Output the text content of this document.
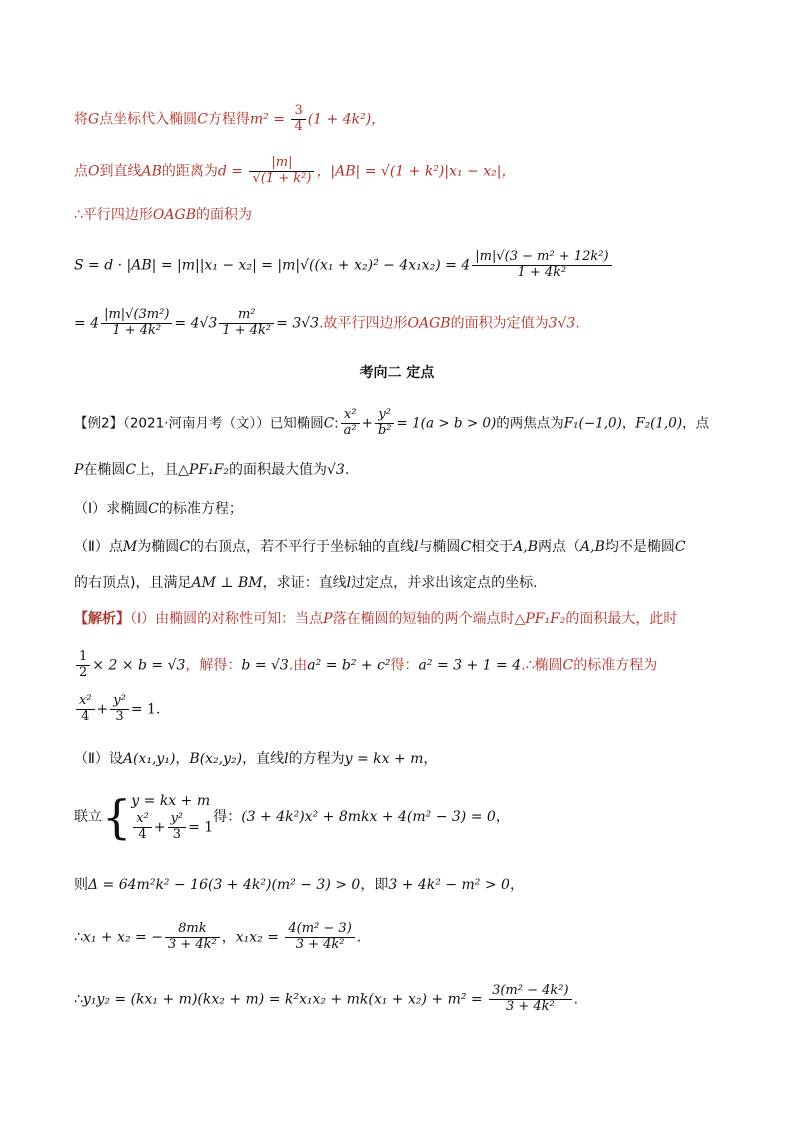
将G点坐标代入椭圆C方程得$m^2 = \frac{3}{4} (1 + 4k^2)$，
点O到直线AB的距离为$d = \frac{|m|}{\text{√(1 + k²)}}$ ，|AB| = √(1 + k²)|x₁ − x₂|，
∴平行四边形OAGB的面积为
$S = d \cdot |AB| = |m||x_1 - x_2| = |m|√((x_1 + x_2)^2 - 4x_1x_2) = 4 \frac{\text{|m|√(3 − m² + 12k²)}}{\text{1 + 4k²}}$
= $4 \frac{\text{|m|√(3m²)}}{\text{1 + 4k²}} = 4√3 \frac{\text{m²}}{\text{1 + 4k²}} = 3√3$.故平行四边形OAGB的面积为定值为3√3.
考向二 定点
【例2】（2021·河南月考（文））已知椭圆C: $\frac{\text{x²}}{\text{a²}} + \frac{\text{y²}}{\text{b²}} = 1(a > b > 0)$的两焦点为F₁(−1,0)，F₂(1,0)，点
P在椭圆C上，且△PF₁F₂的面积最大值为√3.
（Ⅰ）求椭圆C的标准方程；
（Ⅱ）点M为椭圆C的右顶点，若不平行于坐标轴的直线l与椭圆C相交于A,B两点（A,B均不是椭圆C
的右顶点)，且满足AM ⊥ BM，求证：直线l过定点，并求出该定点的坐标.
【解析】（Ⅰ）由椭圆的对称性可知：当点P落在椭圆的短轴的两个端点时△PF₁F₂的面积最大，此时
$\frac{1}{2} \times 2 \times b = √3$，解得：b = √3.由a² = b² + c²得：a² = 3 + 1 = 4.∴椭圆C的标准方程为
$\frac{\text{x²}}{4} + \frac{\text{y²}}{3} = 1$.
（Ⅱ）设A(x₁,y₁)，B(x₂,y₂)，直线l的方程为y = kx + m，
联立{ y = kx + m
$\frac{\text{x²}}{4} + \frac{\text{y²}}{3} = 1$
得：(3 + 4k²)x² + 8mkx + 4(m² − 3) = 0，
则Δ = 64m²k² − 16(3 + 4k²)(m² − 3) > 0，即3 + 4k² − m² > 0，
∴x₁ + x₂ = − $\frac{8mk}{\text{3 + 4k²}}$ ，$x_1x_2 = \frac{\text{4(m² − 3)}}{\text{3 + 4k²}}$ .
∴y₁y₂ = $(kx_1 + m)(kx_2 + m) = k^2x_1x_2 + mk(x_1 + x_2) + m^2 = \frac{\text{3(m² − 4k²)}}{\text{3 + 4k²}}$ .
